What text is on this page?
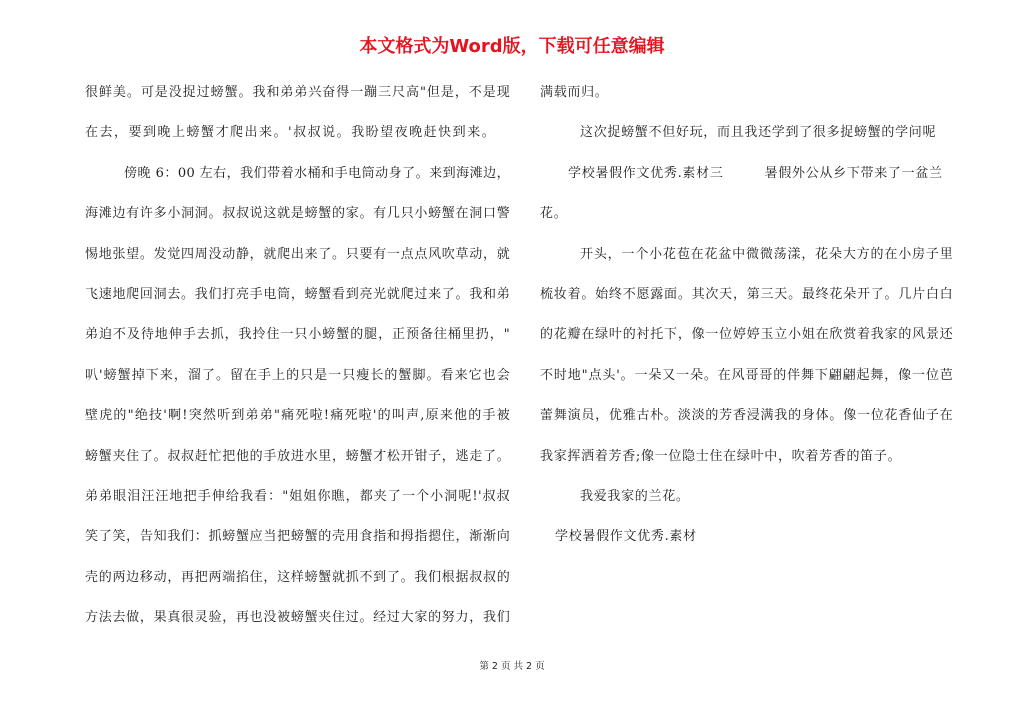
本文格式为Word版，下载可任意编辑
很鲜美。可是没捉过螃蟹。我和弟弟兴奋得一蹦三尺高"但是，不是现
在去，要到晚上螃蟹才爬出来。'叔叔说。我盼望夜晚赶快到来。
傍晚 6：00 左右，我们带着水桶和手电筒动身了。来到海滩边，
海滩边有许多小洞洞。叔叔说这就是螃蟹的家。有几只小螃蟹在洞口警
惕地张望。发觉四周没动静，就爬出来了。只要有一点点风吹草动，就
飞速地爬回洞去。我们打亮手电筒，螃蟹看到亮光就爬过来了。我和弟
弟迫不及待地伸手去抓，我拎住一只小螃蟹的腿，正预备往桶里扔，"
叭'螃蟹掉下来，溜了。留在手上的只是一只瘦长的蟹脚。看来它也会
壁虎的"绝技'啊!突然听到弟弟"痛死啦!痛死啦'的叫声,原来他的手被
螃蟹夹住了。叔叔赶忙把他的手放进水里，螃蟹才松开钳子，逃走了。
弟弟眼泪汪汪地把手伸给我看："姐姐你瞧，都夹了一个小洞呢!'叔叔
笑了笑，告知我们：抓螃蟹应当把螃蟹的壳用食指和拇指摁住，渐渐向
壳的两边移动，再把两端掐住，这样螃蟹就抓不到了。我们根据叔叔的
方法去做，果真很灵验，再也没被螃蟹夹住过。经过大家的努力，我们
满载而归。
这次捉螃蟹不但好玩，而且我还学到了很多捉螃蟹的学问呢
学校暑假作文优秀.素材三　　　暑假外公从乡下带来了一盆兰
花。
开头，一个小花苞在花盆中微微荡漾，花朵大方的在小房子里
梳妆着。始终不愿露面。其次天，第三天。最终花朵开了。几片白白
的花瓣在绿叶的衬托下，像一位婷婷玉立小姐在欣赏着我家的风景还
不时地"点头'。一朵又一朵。在风哥哥的伴舞下翩翩起舞，像一位芭
蕾舞演员，优雅古朴。淡淡的芳香浸满我的身体。像一位花香仙子在
我家挥洒着芳香;像一位隐士住在绿叶中，吹着芳香的笛子。
我爱我家的兰花。
学校暑假作文优秀.素材
第 2 页 共 2 页
